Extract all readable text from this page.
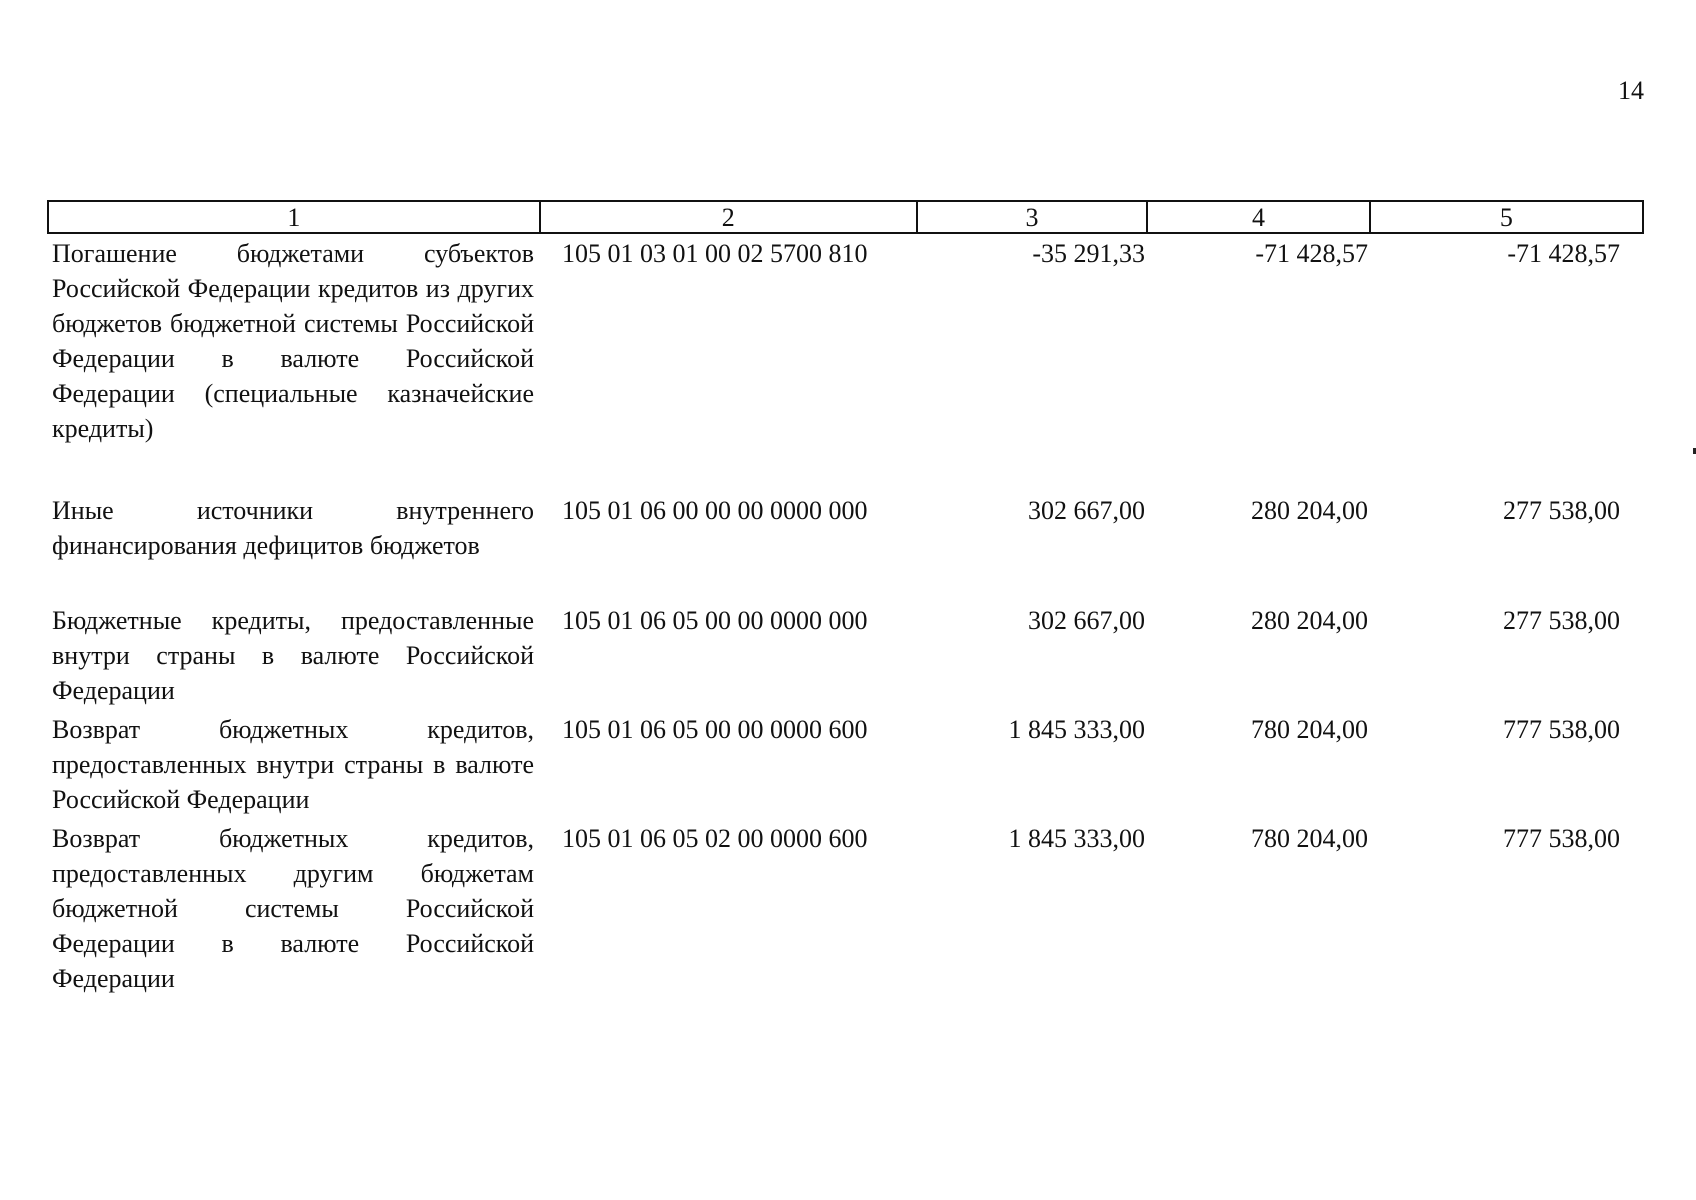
14
1	2	3	4	5
Погашение бюджетами субъектов Российской Федерации кредитов из других бюджетов бюджетной системы Российской Федерации в валюте Российской Федерации (специальные казначейские кредиты)
105 01 03 01 00 02 5700 810	-35 291,33	-71 428,57	-71 428,57
Иные источники внутреннего финансирования дефицитов бюджетов
105 01 06 00 00 00 0000 000	302 667,00	280 204,00	277 538,00
Бюджетные кредиты, предоставленные внутри страны в валюте Российской Федерации
105 01 06 05 00 00 0000 000	302 667,00	280 204,00	277 538,00
Возврат бюджетных кредитов, предоставленных внутри страны в валюте Российской Федерации
105 01 06 05 00 00 0000 600	1 845 333,00	780 204,00	777 538,00
Возврат бюджетных кредитов, предоставленных другим бюджетам бюджетной системы Российской Федерации в валюте Российской Федерации
105 01 06 05 02 00 0000 600	1 845 333,00	780 204,00	777 538,00
